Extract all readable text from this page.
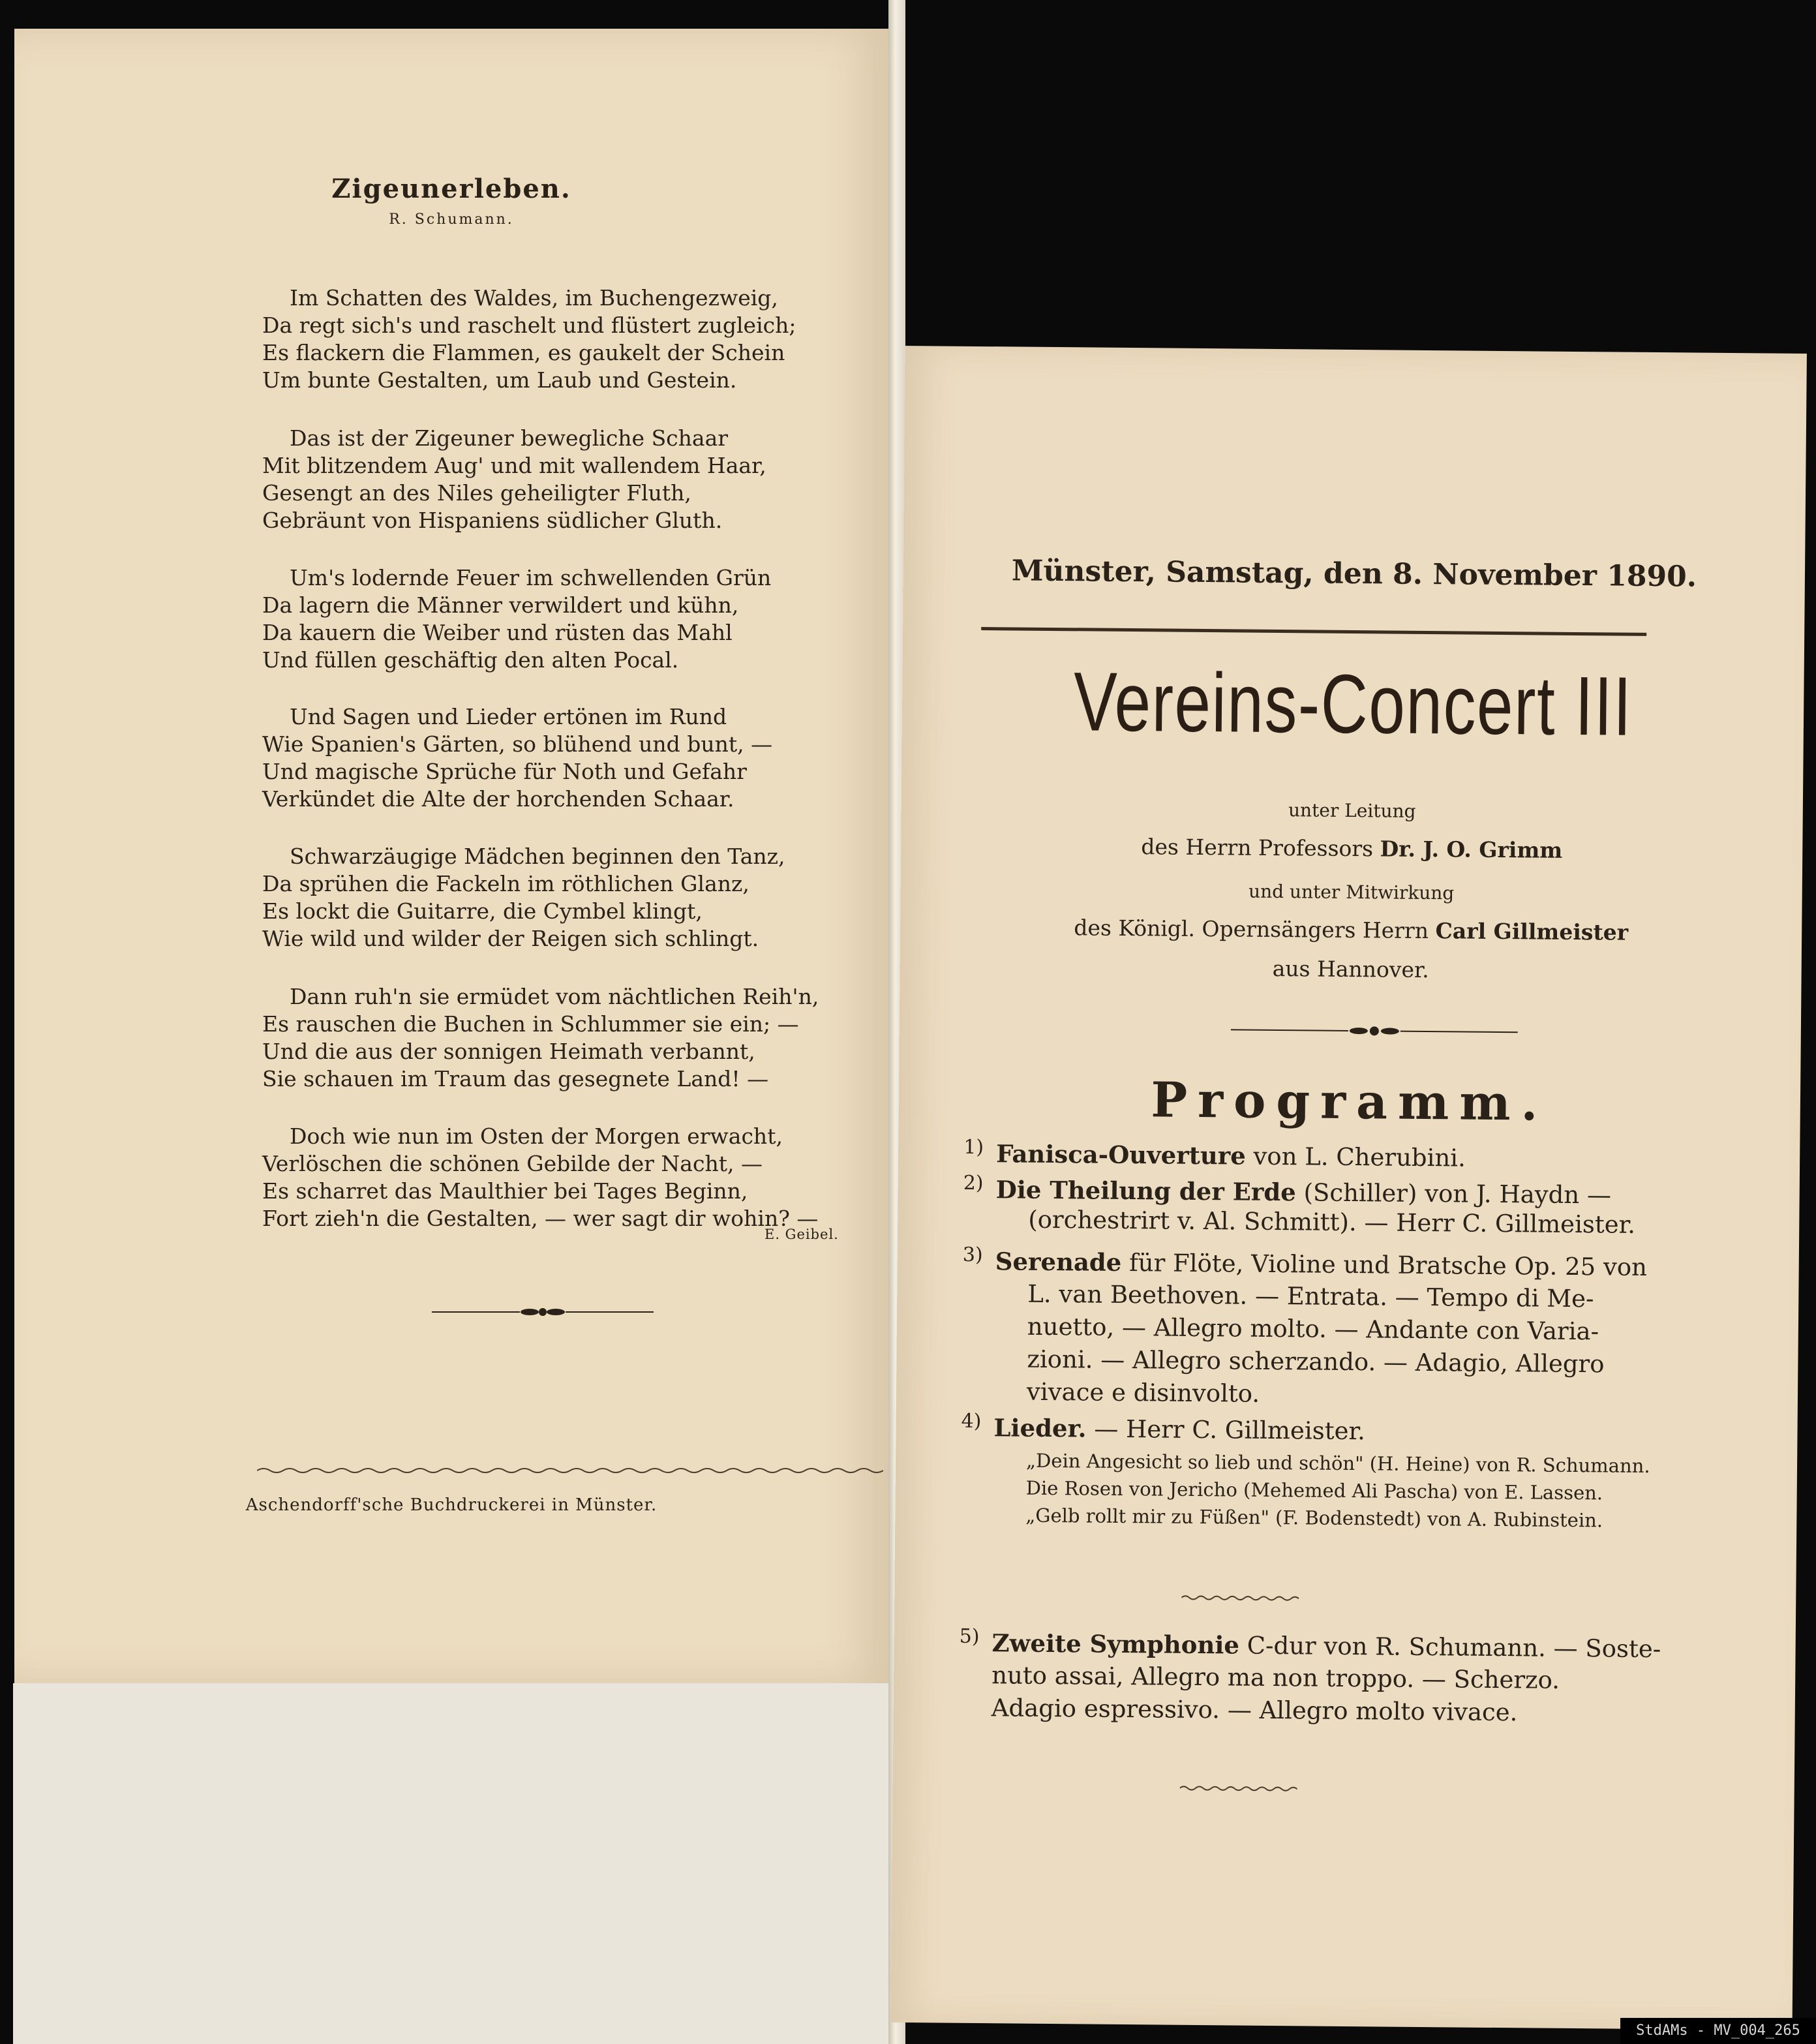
Zigeunerleben.
R. Schumann.
Im Schatten des Waldes, im Buchengezweig,
Da regt sich's und raschelt und flüstert zugleich;
Es flackern die Flammen, es gaukelt der Schein
Um bunte Gestalten, um Laub und Gestein.
Das ist der Zigeuner bewegliche Schaar
Mit blitzendem Aug' und mit wallendem Haar,
Gesengt an des Niles geheiligter Fluth,
Gebräunt von Hispaniens südlicher Gluth.
Um's lodernde Feuer im schwellenden Grün
Da lagern die Männer verwildert und kühn,
Da kauern die Weiber und rüsten das Mahl
Und füllen geschäftig den alten Pocal.
Und Sagen und Lieder ertönen im Rund
Wie Spanien's Gärten, so blühend und bunt, —
Und magische Sprüche für Noth und Gefahr
Verkündet die Alte der horchenden Schaar.
Schwarzäugige Mädchen beginnen den Tanz,
Da sprühen die Fackeln im röthlichen Glanz,
Es lockt die Guitarre, die Cymbel klingt,
Wie wild und wilder der Reigen sich schlingt.
Dann ruh'n sie ermüdet vom nächtlichen Reih'n,
Es rauschen die Buchen in Schlummer sie ein; —
Und die aus der sonnigen Heimath verbannt,
Sie schauen im Traum das gesegnete Land! —
Doch wie nun im Osten der Morgen erwacht,
Verlöschen die schönen Gebilde der Nacht, —
Es scharret das Maulthier bei Tages Beginn,
Fort zieh'n die Gestalten, — wer sagt dir wohin? —
E. Geibel.
Aschendorff'sche Buchdruckerei in Münster.
Münster, Samstag, den 8. November 1890.
Vereins-Concert III
unter Leitung
des Herrn Professors Dr. J. O. Grimm
und unter Mitwirkung
des Königl. Opernsängers Herrn Carl Gillmeister
aus Hannover.
Programm.
1) Fanisca-Ouverture von L. Cherubini.
2) Die Theilung der Erde (Schiller) von J. Haydn —
(orchestrirt v. Al. Schmitt). — Herr C. Gillmeister.
3) Serenade für Flöte, Violine und Bratsche Op. 25 von
L. van Beethoven. — Entrata. — Tempo di Me-
nuetto, — Allegro molto. — Andante con Varia-
zioni. — Allegro scherzando. — Adagio, Allegro
vivace e disinvolto.
4) Lieder. — Herr C. Gillmeister.
„Dein Angesicht so lieb und schön" (H. Heine) von R. Schumann.
Die Rosen von Jericho (Mehemed Ali Pascha) von E. Lassen.
„Gelb rollt mir zu Füßen" (F. Bodenstedt) von A. Rubinstein.
5) Zweite Symphonie C-dur von R. Schumann. — Soste-
nuto assai, Allegro ma non troppo. — Scherzo.
Adagio espressivo. — Allegro molto vivace.
StdAMs - MV_004_265
